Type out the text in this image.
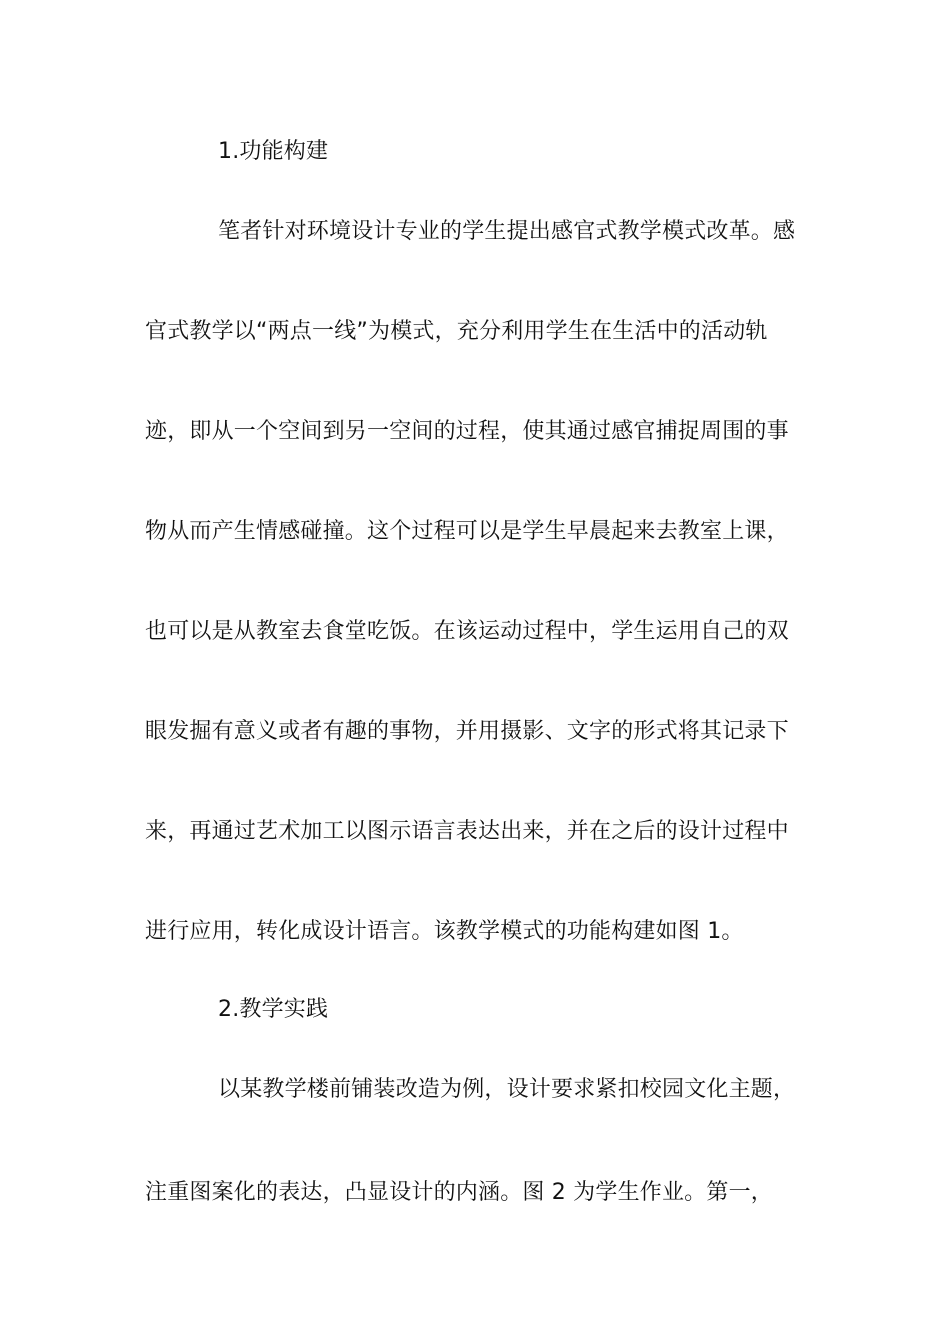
1.功能构建
笔者针对环境设计专业的学生提出感官式教学模式改革。感
官式教学以“两点一线”为模式，充分利用学生在生活中的活动轨
迹，即从一个空间到另一空间的过程，使其通过感官捕捉周围的事
物从而产生情感碰撞。这个过程可以是学生早晨起来去教室上课，
也可以是从教室去食堂吃饭。在该运动过程中，学生运用自己的双
眼发掘有意义或者有趣的事物，并用摄影、文字的形式将其记录下
来，再通过艺术加工以图示语言表达出来，并在之后的设计过程中
进行应用，转化成设计语言。该教学模式的功能构建如图 1。
2.教学实践
以某教学楼前铺装改造为例，设计要求紧扣校园文化主题，
注重图案化的表达，凸显设计的内涵。图 2 为学生作业。第一，
